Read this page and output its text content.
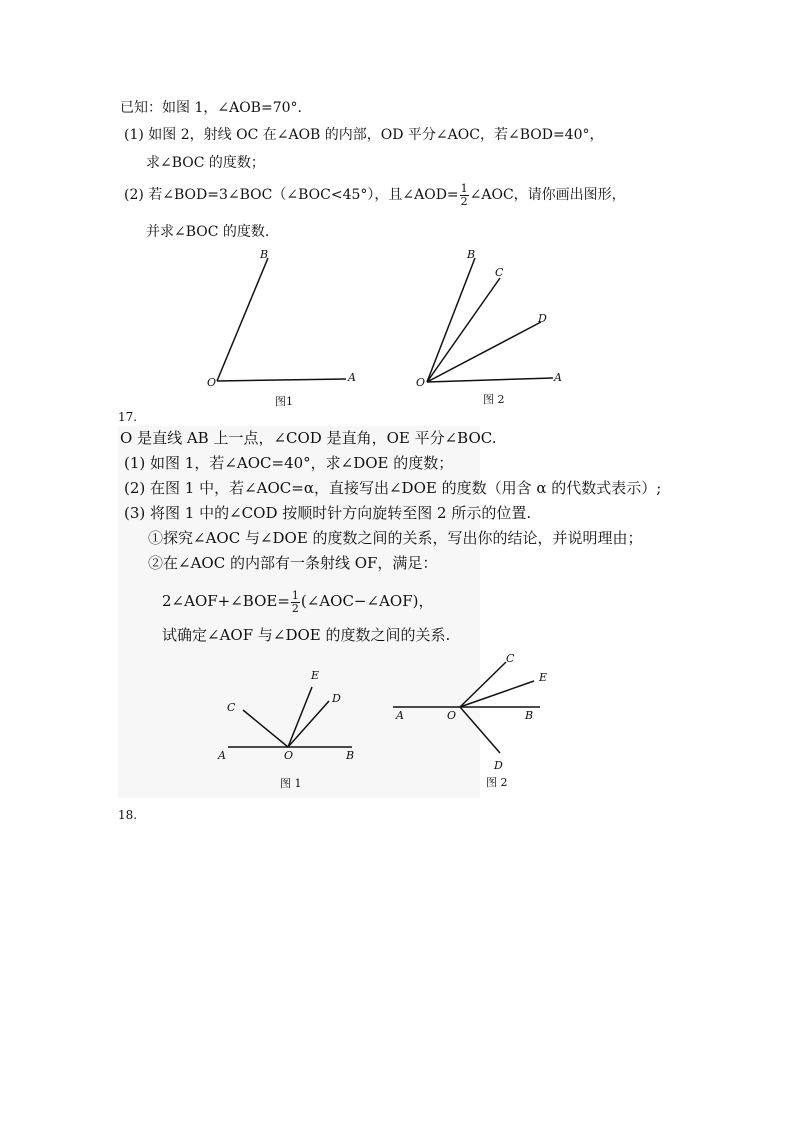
已知：如图 1，∠AOB=70°.
(1) 如图 2，射线 OC 在∠AOB 的内部，OD 平分∠AOC，若∠BOD=40°，
求∠BOC 的度数；
(2) 若∠BOD=3∠BOC（∠BOC<45°），且∠AOD= $\frac{1}{2}$ ∠AOC，请你画出图形，
并求∠BOC 的度数.
B
O	A
图1
B
C
D
O	A
图 2
17.
O 是直线 AB 上一点，∠COD 是直角，OE 平分∠BOC.
(1) 如图 1，若∠AOC=40°，求∠DOE 的度数；
(2) 在图 1 中，若∠AOC=α，直接写出∠DOE 的度数（用含 α 的代数式表示）;
(3) 将图 1 中的∠COD 按顺时针方向旋转至图 2 所示的位置.
①探究∠AOC 与∠DOE 的度数之间的关系，写出你的结论，并说明理由；
②在∠AOC 的内部有一条射线 OF，满足：
2∠AOF+∠BOE= $\frac{1}{2}$ (∠AOC−∠AOF)，
试确定∠AOF 与∠DOE 的度数之间的关系.
C
E
D
A	O	B
图 1
C
E
A	O	B
D
图 2
18.
